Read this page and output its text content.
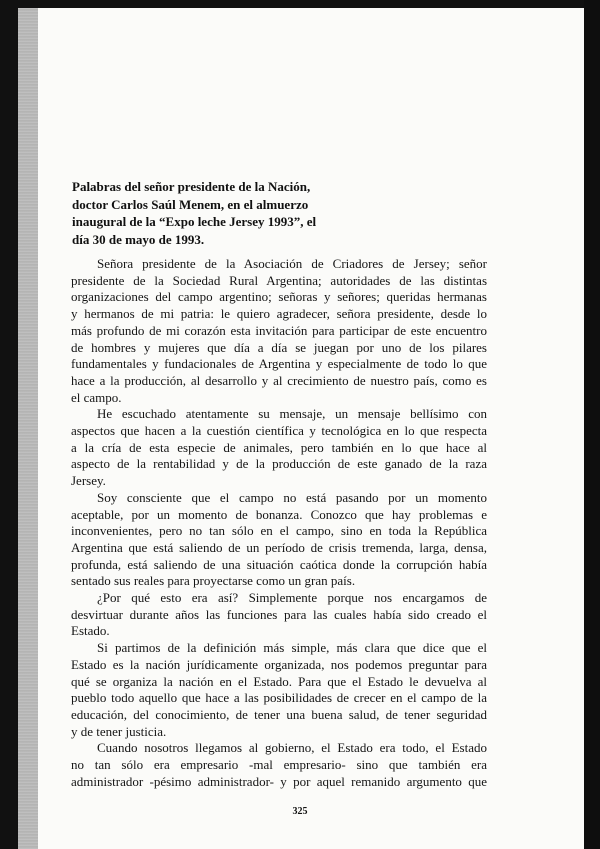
Palabras del señor presidente de la Nación,
doctor Carlos Saúl Menem, en el almuerzo
inaugural de la “Expo leche Jersey 1993”, el
día 30 de mayo de 1993.
Señora presidente de la Asociación de Criadores de Jersey; señor
presidente de la Sociedad Rural Argentina; autoridades de las distintas
organizaciones del campo argentino; señoras y señores; queridas hermanas
y hermanos de mi patria: le quiero agradecer, señora presidente, desde lo
más profundo de mi corazón esta invitación para participar de este encuentro
de hombres y mujeres que día a día se juegan por uno de los pilares
fundamentales y fundacionales de Argentina y especialmente de todo lo que
hace a la producción, al desarrollo y al crecimiento de nuestro país, como es
el campo.
He escuchado atentamente su mensaje, un mensaje bellísimo con
aspectos que hacen a la cuestión científica y tecnológica en lo que respecta
a la cría de esta especie de animales, pero también en lo que hace al
aspecto de la rentabilidad y de la producción de este ganado de la raza
Jersey.
Soy consciente que el campo no está pasando por un momento
aceptable, por un momento de bonanza. Conozco que hay problemas e
inconvenientes, pero no tan sólo en el campo, sino en toda la República
Argentina que está saliendo de un período de crisis tremenda, larga, densa,
profunda, está saliendo de una situación caótica donde la corrupción había
sentado sus reales para proyectarse como un gran país.
¿Por qué esto era así? Simplemente porque nos encargamos de
desvirtuar durante años las funciones para las cuales había sido creado el
Estado.
Si partimos de la definición más simple, más clara que dice que el
Estado es la nación jurídicamente organizada, nos podemos preguntar para
qué se organiza la nación en el Estado. Para que el Estado le devuelva al
pueblo todo aquello que hace a las posibilidades de crecer en el campo de la
educación, del conocimiento, de tener una buena salud, de tener seguridad
y de tener justicia.
Cuando nosotros llegamos al gobierno, el Estado era todo, el Estado
no tan sólo era empresario -mal empresario- sino que también era
administrador -pésimo administrador- y por aquel remanido argumento que
325
